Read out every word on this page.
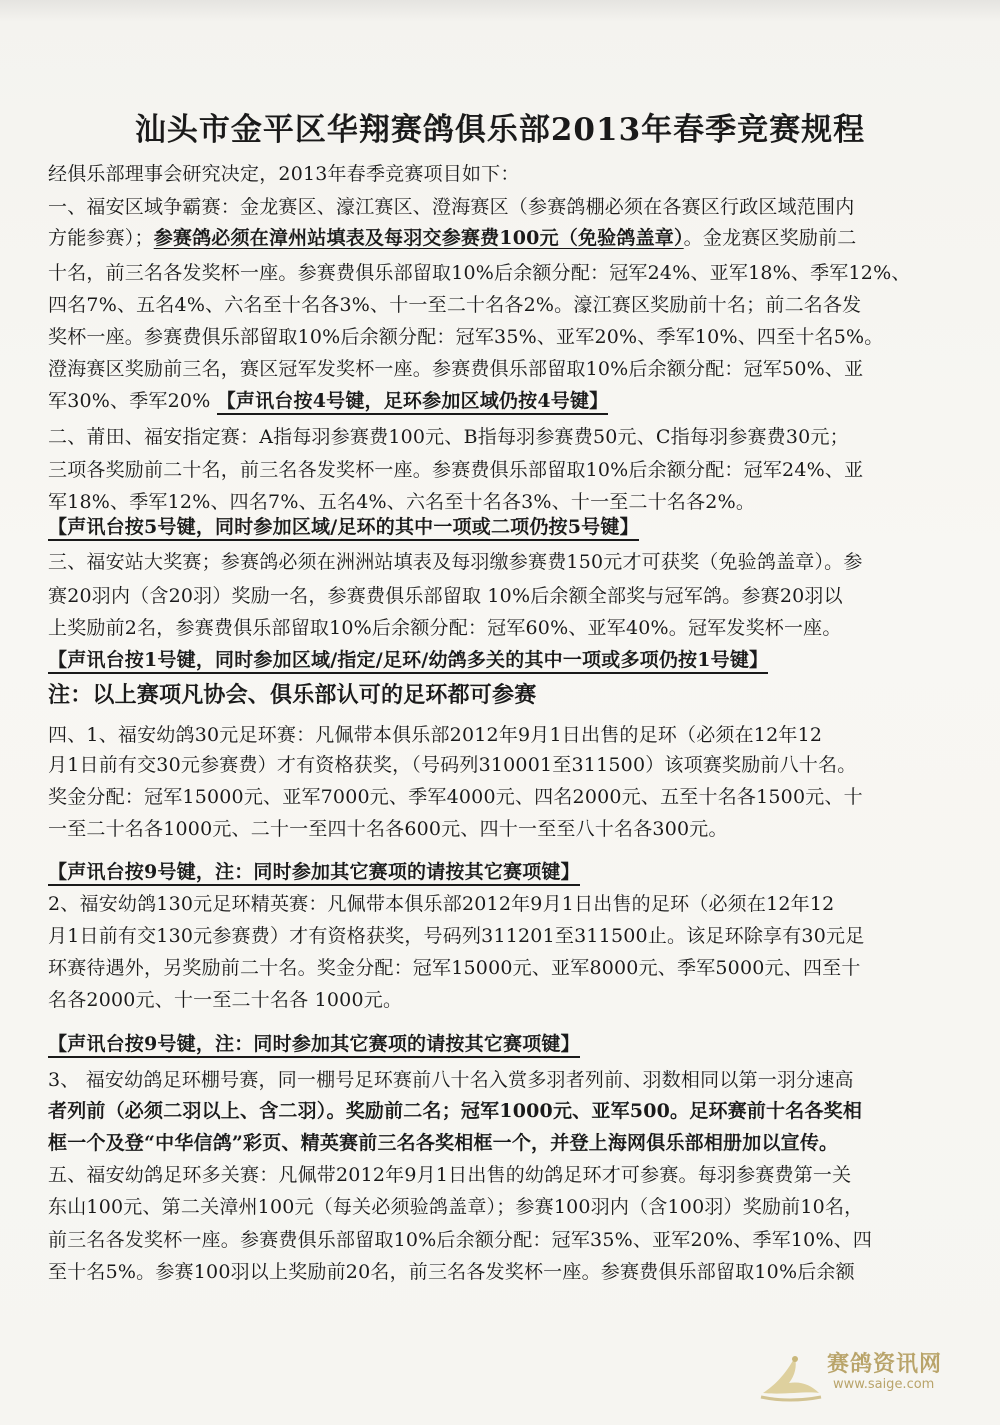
汕头市金平区华翔赛鸽俱乐部2013年春季竞赛规程
经俱乐部理事会研究决定，2013年春季竞赛项目如下：
一、福安区域争霸赛：金龙赛区、濠江赛区、澄海赛区（参赛鸽棚必须在各赛区行政区域范围内
方能参赛）；参赛鸽必须在漳州站填表及每羽交参赛费100元（免验鸽盖章）。金龙赛区奖励前二
十名，前三名各发奖杯一座。参赛费俱乐部留取10%后余额分配：冠军24%、亚军18%、季军12%、
四名7%、五名4%、六名至十名各3%、十一至二十名各2%。濠江赛区奖励前十名；前二名各发
奖杯一座。参赛费俱乐部留取10%后余额分配：冠军35%、亚军20%、季军10%、四至十名5%。
澄海赛区奖励前三名，赛区冠军发奖杯一座。参赛费俱乐部留取10%后余额分配：冠军50%、亚
军30%、季军20% 【声讯台按4号键，足环参加区域仍按4号键】
二、莆田、福安指定赛：A指每羽参赛费100元、B指每羽参赛费50元、C指每羽参赛费30元；
三项各奖励前二十名，前三名各发奖杯一座。参赛费俱乐部留取10%后余额分配：冠军24%、亚
军18%、季军12%、四名7%、五名4%、六名至十名各3%、十一至二十名各2%。
【声讯台按5号键，同时参加区域/足环的其中一项或二项仍按5号键】
三、福安站大奖赛；参赛鸽必须在洲洲站填表及每羽缴参赛费150元才可获奖（免验鸽盖章）。参
赛20羽内（含20羽）奖励一名，参赛费俱乐部留取 10%后余额全部奖与冠军鸽。参赛20羽以
上奖励前2名，参赛费俱乐部留取10%后余额分配：冠军60%、亚军40%。冠军发奖杯一座。
【声讯台按1号键，同时参加区域/指定/足环/幼鸽多关的其中一项或多项仍按1号键】
注：以上赛项凡协会、俱乐部认可的足环都可参赛
四、1、福安幼鸽30元足环赛：凡佩带本俱乐部2012年9月1日出售的足环（必须在12年12
月1日前有交30元参赛费）才有资格获奖，（号码列310001至311500）该项赛奖励前八十名。
奖金分配：冠军15000元、亚军7000元、季军4000元、四名2000元、五至十名各1500元、十
一至二十名各1000元、二十一至四十名各600元、四十一至至八十名各300元。
【声讯台按9号键，注：同时参加其它赛项的请按其它赛项键】
2、福安幼鸽130元足环精英赛：凡佩带本俱乐部2012年9月1日出售的足环（必须在12年12
月1日前有交130元参赛费）才有资格获奖，号码列311201至311500止。该足环除享有30元足
环赛待遇外，另奖励前二十名。奖金分配：冠军15000元、亚军8000元、季军5000元、四至十
名各2000元、十一至二十名各 1000元。
【声讯台按9号键，注：同时参加其它赛项的请按其它赛项键】
3、 福安幼鸽足环棚号赛，同一棚号足环赛前八十名入赏多羽者列前、羽数相同以第一羽分速高
者列前（必须二羽以上、含二羽）。奖励前二名；冠军1000元、亚军500。足环赛前十名各奖相
框一个及登“中华信鸽”彩页、精英赛前三名各奖相框一个，并登上海网俱乐部相册加以宣传。
五、福安幼鸽足环多关赛：凡佩带2012年9月1日出售的幼鸽足环才可参赛。每羽参赛费第一关
东山100元、第二关漳州100元（每关必须验鸽盖章）；参赛100羽内（含100羽）奖励前10名，
前三名各发奖杯一座。参赛费俱乐部留取10%后余额分配：冠军35%、亚军20%、季军10%、四
至十名5%。参赛100羽以上奖励前20名，前三名各发奖杯一座。参赛费俱乐部留取10%后余额
赛鸽资讯网
www.saige.com
